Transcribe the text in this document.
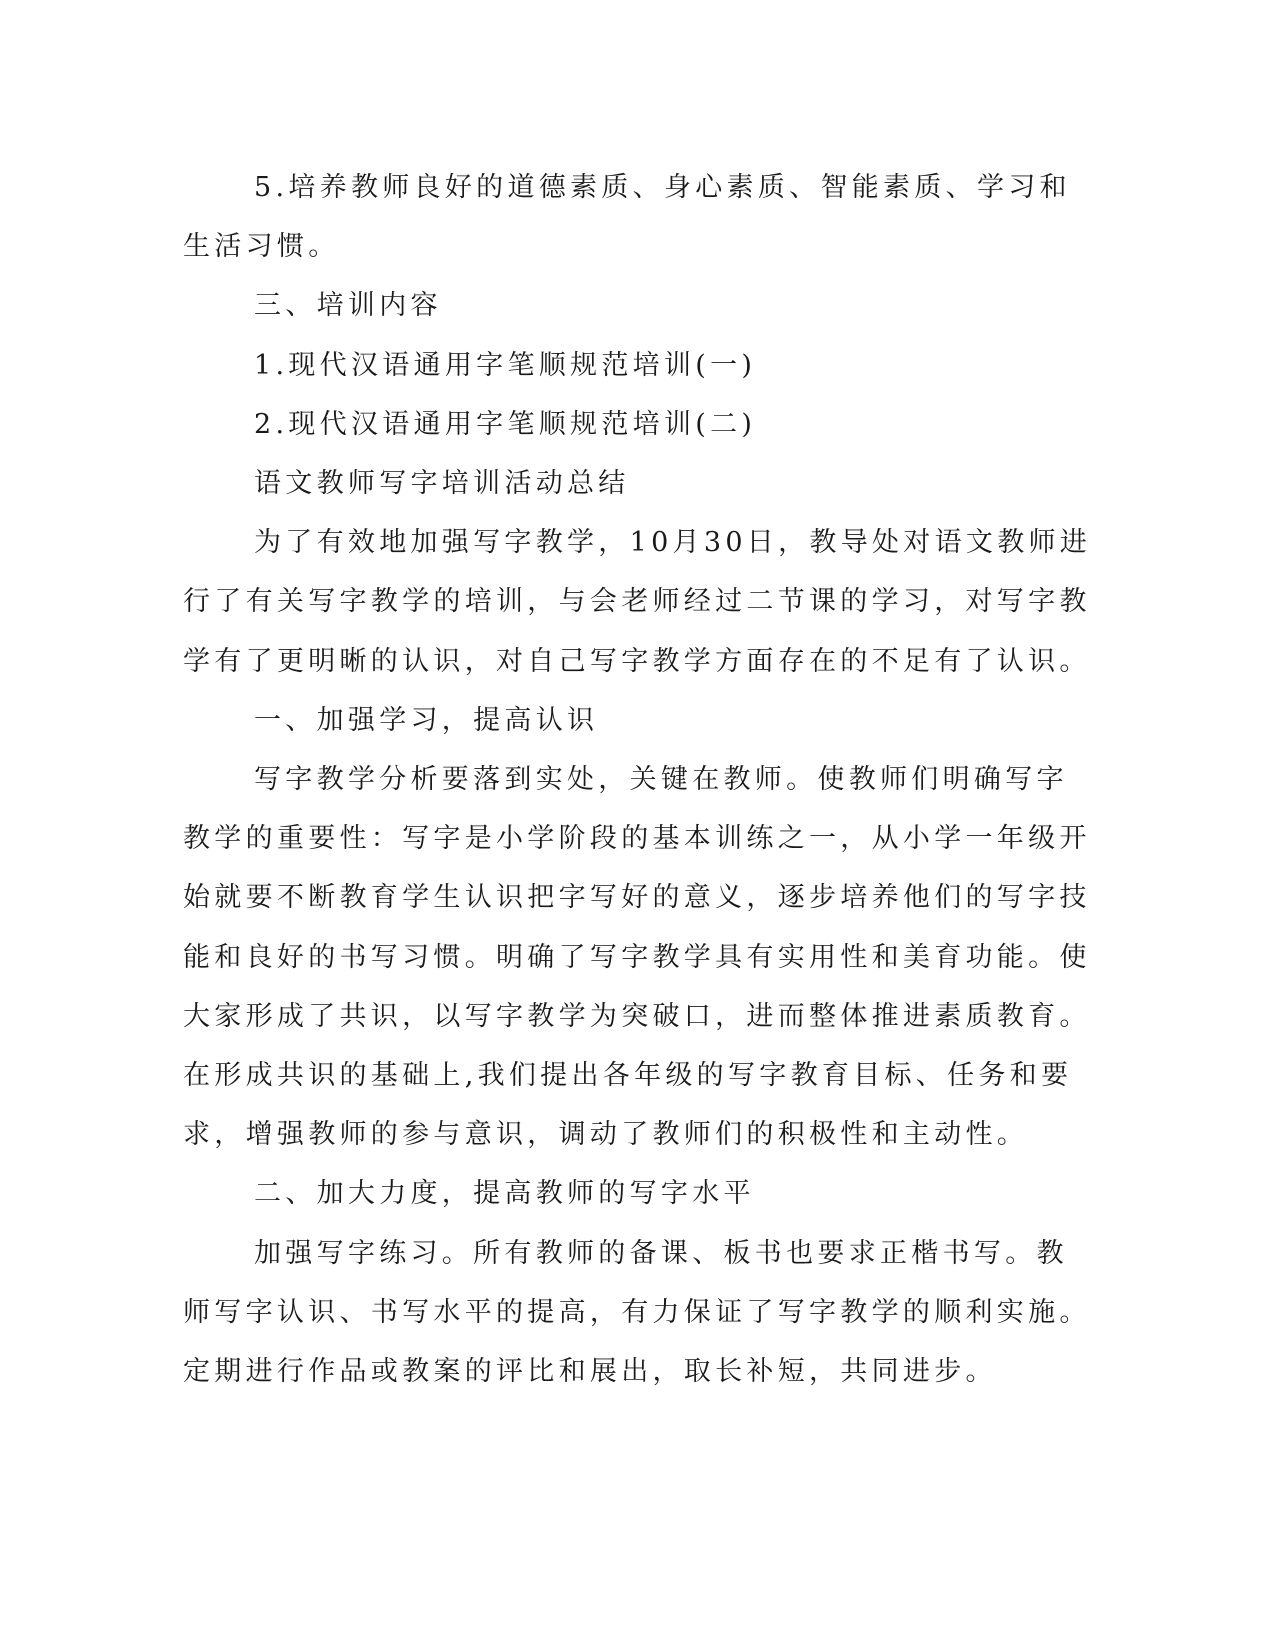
5.培养教师良好的道德素质、身心素质、智能素质、学习和生活习惯。

三、培训内容

1.现代汉语通用字笔顺规范培训(一)

2.现代汉语通用字笔顺规范培训(二)

语文教师写字培训活动总结

为了有效地加强写字教学，10月30日，教导处对语文教师进行了有关写字教学的培训，与会老师经过二节课的学习，对写字教学有了更明晰的认识，对自己写字教学方面存在的不足有了认识。

一、加强学习，提高认识

写字教学分析要落到实处，关键在教师。使教师们明确写字教学的重要性：写字是小学阶段的基本训练之一，从小学一年级开始就要不断教育学生认识把字写好的意义，逐步培养他们的写字技能和良好的书写习惯。明确了写字教学具有实用性和美育功能。使大家形成了共识，以写字教学为突破口，进而整体推进素质教育。在形成共识的基础上,我们提出各年级的写字教育目标、任务和要求，增强教师的参与意识，调动了教师们的积极性和主动性。

二、加大力度，提高教师的写字水平

加强写字练习。所有教师的备课、板书也要求正楷书写。教师写字认识、书写水平的提高，有力保证了写字教学的顺利实施。定期进行作品或教案的评比和展出，取长补短，共同进步。
